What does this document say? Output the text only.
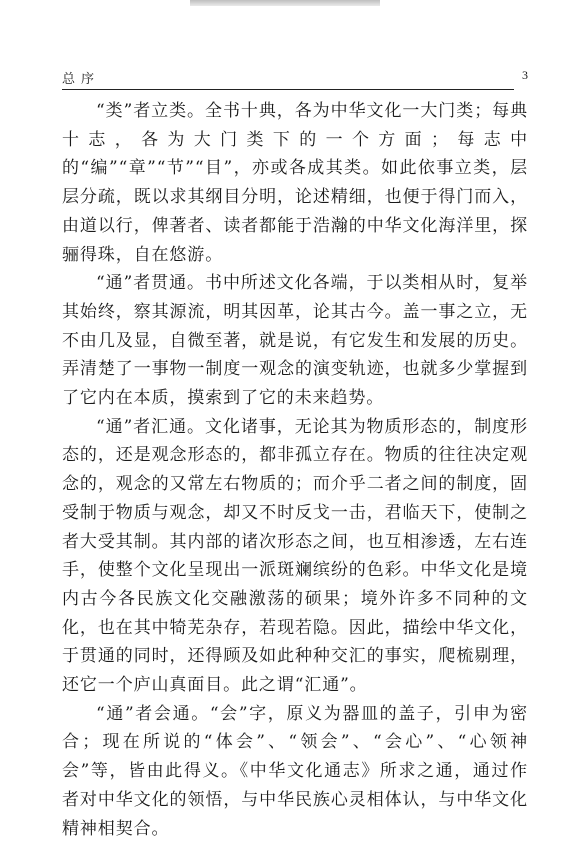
总序	3

“类”者立类。全书十典，各为中华文化一大门类；每典十志，各为大门类下的一个方面；每志中的“编”“章”“节”“目”，亦或各成其类。如此依事立类，层层分疏，既以求其纲目分明，论述精细，也便于得门而入，由道以行，俾著者、读者都能于浩瀚的中华文化海洋里，探骊得珠，自在悠游。

“通”者贯通。书中所述文化各端，于以类相从时，复举其始终，察其源流，明其因革，论其古今。盖一事之立，无不由几及显，自微至著，就是说，有它发生和发展的历史。弄清楚了一事物一制度一观念的演变轨迹，也就多少掌握到了它内在本质，摸索到了它的未来趋势。

“通”者汇通。文化诸事，无论其为物质形态的，制度形态的，还是观念形态的，都非孤立存在。物质的往往决定观念的，观念的又常左右物质的；而介乎二者之间的制度，固受制于物质与观念，却又不时反戈一击，君临天下，使制之者大受其制。其内部的诸次形态之间，也互相渗透，左右连手，使整个文化呈现出一派斑斓缤纷的色彩。中华文化是境内古今各民族文化交融激荡的硕果；境外许多不同种的文化，也在其中犄芜杂存，若现若隐。因此，描绘中华文化，于贯通的同时，还得顾及如此种种交汇的事实，爬梳剔理，还它一个庐山真面目。此之谓“汇通”。

“通”者会通。“会”字，原义为器皿的盖子，引申为密合；现在所说的“体会”、“领会”、“会心”、“心领神会”等，皆由此得义。《中华文化通志》所求之通，通过作者对中华文化的领悟，与中华民族心灵相体认，与中华文化精神相契合。
